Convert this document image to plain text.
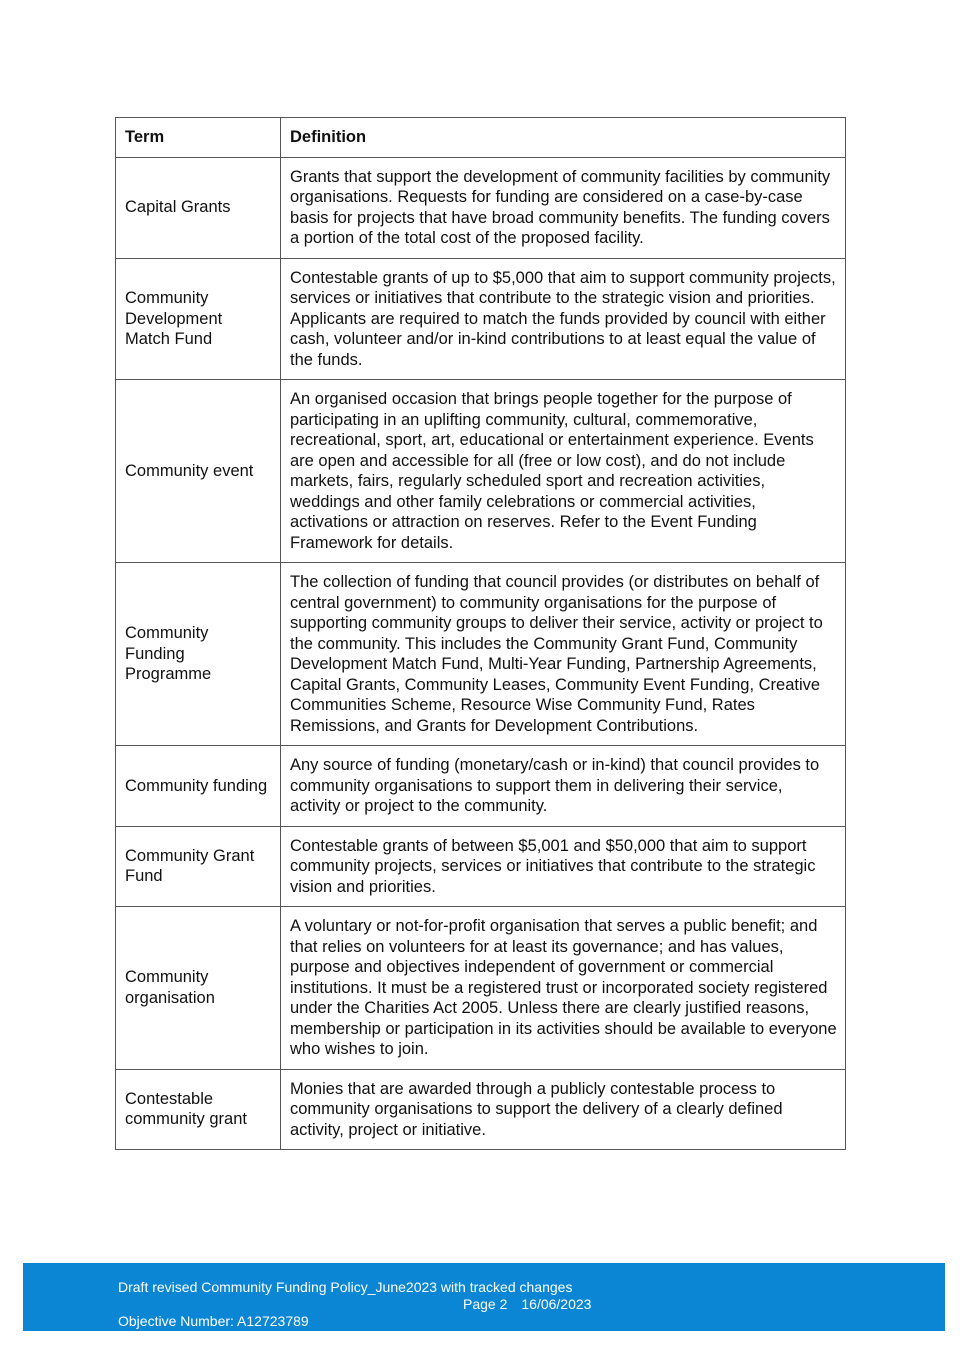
Term	Definition
Capital Grants	Grants that support the development of community facilities by community organisations. Requests for funding are considered on a case-by-case basis for projects that have broad community benefits. The funding covers a portion of the total cost of the proposed facility.
Community Development Match Fund	Contestable grants of up to $5,000 that aim to support community projects, services or initiatives that contribute to the strategic vision and priorities. Applicants are required to match the funds provided by council with either cash, volunteer and/or in-kind contributions to at least equal the value of the funds.
Community event	An organised occasion that brings people together for the purpose of participating in an uplifting community, cultural, commemorative, recreational, sport, art, educational or entertainment experience. Events are open and accessible for all (free or low cost), and do not include markets, fairs, regularly scheduled sport and recreation activities, weddings and other family celebrations or commercial activities, activations or attraction on reserves. Refer to the Event Funding Framework for details.
Community Funding Programme	The collection of funding that council provides (or distributes on behalf of central government) to community organisations for the purpose of supporting community groups to deliver their service, activity or project to the community. This includes the Community Grant Fund, Community Development Match Fund, Multi-Year Funding, Partnership Agreements, Capital Grants, Community Leases, Community Event Funding, Creative Communities Scheme, Resource Wise Community Fund, Rates Remissions, and Grants for Development Contributions.
Community funding	Any source of funding (monetary/cash or in-kind) that council provides to community organisations to support them in delivering their service, activity or project to the community.
Community Grant Fund	Contestable grants of between $5,001 and $50,000 that aim to support community projects, services or initiatives that contribute to the strategic vision and priorities.
Community organisation	A voluntary or not-for-profit organisation that serves a public benefit; and that relies on volunteers for at least its governance; and has values, purpose and objectives independent of government or commercial institutions. It must be a registered trust or incorporated society registered under the Charities Act 2005. Unless there are clearly justified reasons, membership or participation in its activities should be available to everyone who wishes to join.
Contestable community grant	Monies that are awarded through a publicly contestable process to community organisations to support the delivery of a clearly defined activity, project or initiative.
Draft revised Community Funding Policy_June2023 with tracked changes
Page 2 16/06/2023
Objective Number: A12723789
